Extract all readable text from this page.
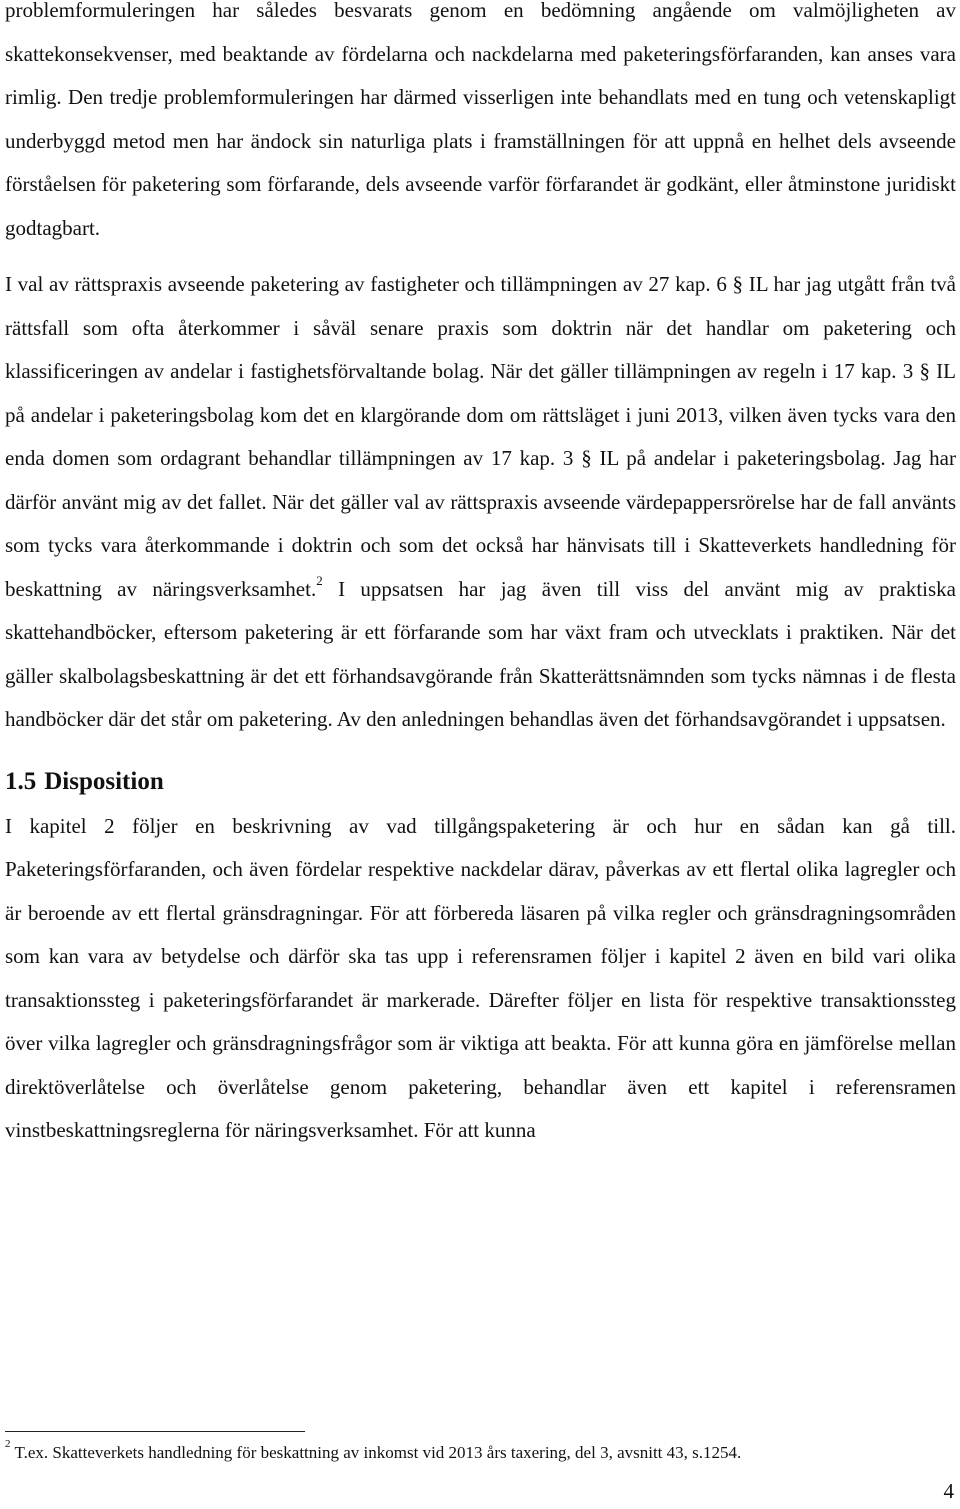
problemformuleringen har således besvarats genom en bedömning angående om valmöjligheten av skattekonsekvenser, med beaktande av fördelarna och nackdelarna med paketeringsförfaranden, kan anses vara rimlig. Den tredje problemformuleringen har därmed visserligen inte behandlats med en tung och vetenskapligt underbyggd metod men har ändock sin naturliga plats i framställningen för att uppnå en helhet dels avseende förståelsen för paketering som förfarande, dels avseende varför förfarandet är godkänt, eller åtminstone juridiskt godtagbart.

I val av rättspraxis avseende paketering av fastigheter och tillämpningen av 27 kap. 6 § IL har jag utgått från två rättsfall som ofta återkommer i såväl senare praxis som doktrin när det handlar om paketering och klassificeringen av andelar i fastighetsförvaltande bolag. När det gäller tillämpningen av regeln i 17 kap. 3 § IL på andelar i paketeringsbolag kom det en klargörande dom om rättsläget i juni 2013, vilken även tycks vara den enda domen som ordagrant behandlar tillämpningen av 17 kap. 3 § IL på andelar i paketeringsbolag. Jag har därför använt mig av det fallet. När det gäller val av rättspraxis avseende värdepappersrörelse har de fall använts som tycks vara återkommande i doktrin och som det också har hänvisats till i Skatteverkets handledning för beskattning av näringsverksamhet.$^2$ I uppsatsen har jag även till viss del använt mig av praktiska skattehandböcker, eftersom paketering är ett förfarande som har växt fram och utvecklats i praktiken. När det gäller skalbolagsbeskattning är det ett förhandsavgörande från Skatterättsnämnden som tycks nämnas i de flesta handböcker där det står om paketering. Av den anledningen behandlas även det förhandsavgörandet i uppsatsen.

1.5 Disposition

I kapitel 2 följer en beskrivning av vad tillgångspaketering är och hur en sådan kan gå till. Paketeringsförfaranden, och även fördelar respektive nackdelar därav, påverkas av ett flertal olika lagregler och är beroende av ett flertal gränsdragningar. För att förbereda läsaren på vilka regler och gränsdragningsområden som kan vara av betydelse och därför ska tas upp i referensramen följer i kapitel 2 även en bild vari olika transaktionssteg i paketeringsförfarandet är markerade. Därefter följer en lista för respektive transaktionssteg över vilka lagregler och gränsdragningsfrågor som är viktiga att beakta. För att kunna göra en jämförelse mellan direktöverlåtelse och överlåtelse genom paketering, behandlar även ett kapitel i referensramen vinstbeskattningsreglerna för näringsverksamhet. För att kunna

$^2$ T.ex. Skatteverkets handledning för beskattning av inkomst vid 2013 års taxering, del 3, avsnitt 43, s.1254.
4
